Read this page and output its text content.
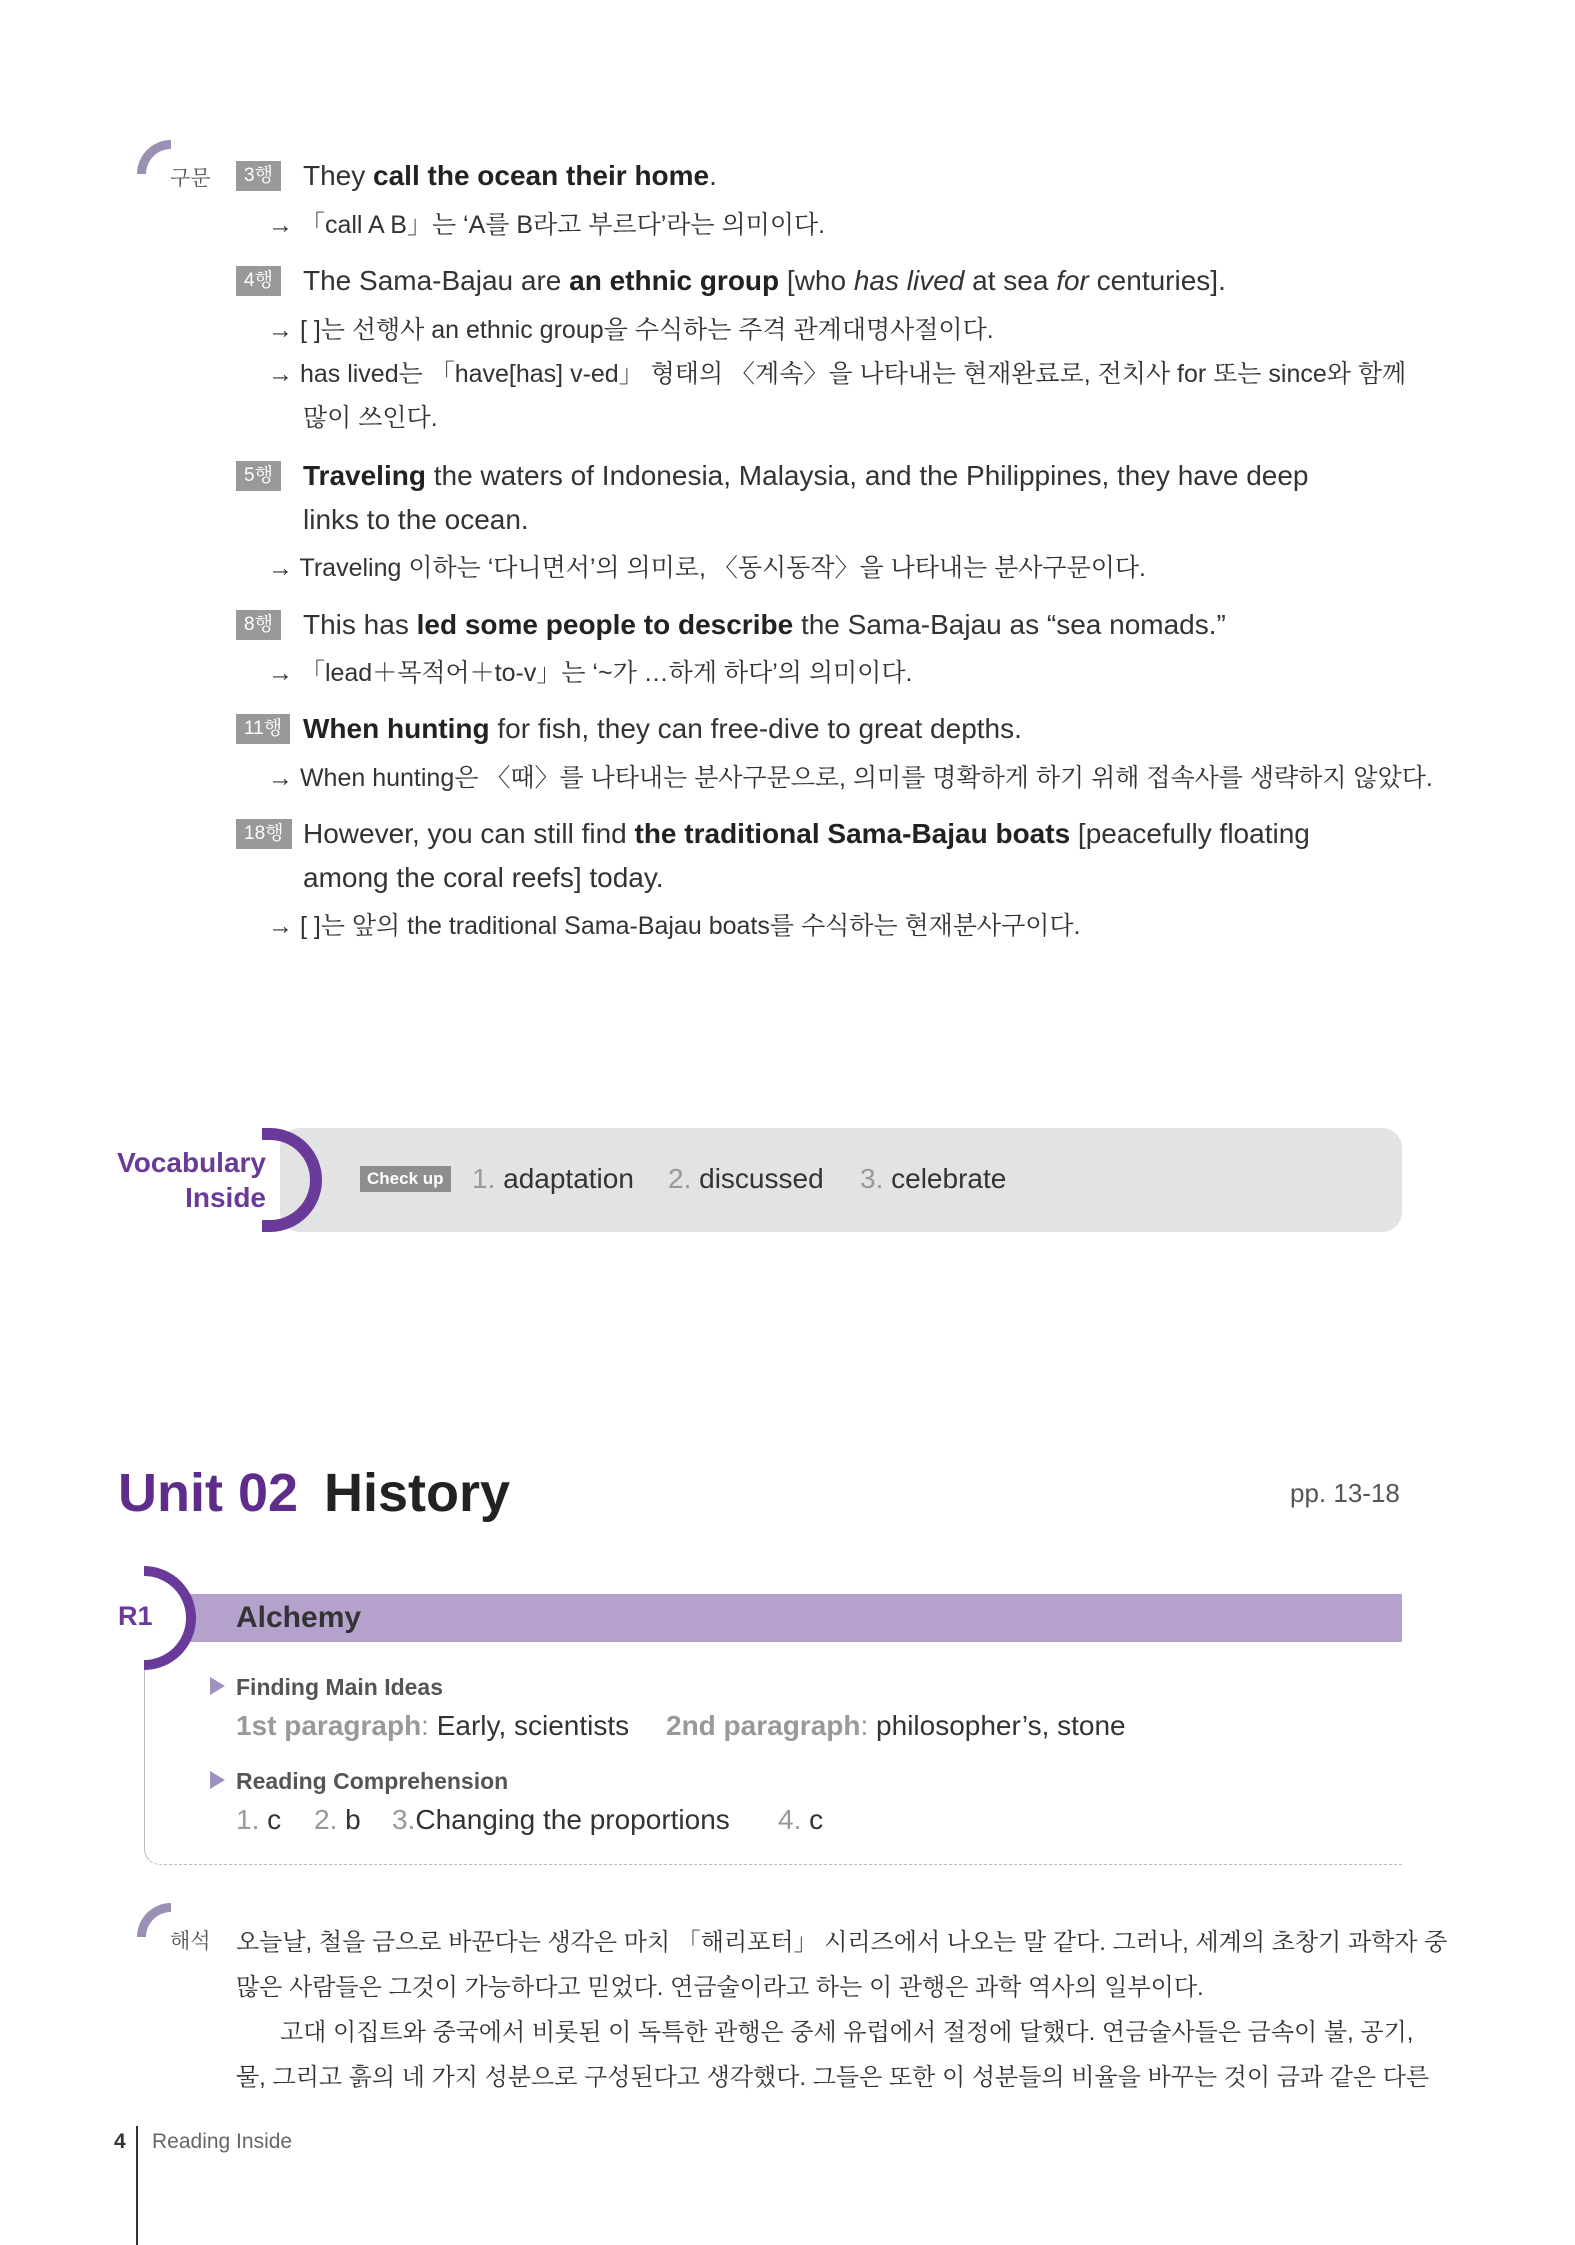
구문	3행 They call the ocean their home.
→ 「call A B」는 ‘A를 B라고 부르다’라는 의미이다.
4행 The Sama-Bajau are an ethnic group [who has lived at sea for centuries].
→ [ ]는 선행사 an ethnic group을 수식하는 주격 관계대명사절이다.
→ has lived는 「have[has] v-ed」 형태의 〈계속〉을 나타내는 현재완료로, 전치사 for 또는 since와 함께
많이 쓰인다.
5행 Traveling the waters of Indonesia, Malaysia, and the Philippines, they have deep
links to the ocean.
→ Traveling 이하는 ‘다니면서’의 의미로, 〈동시동작〉을 나타내는 분사구문이다.
8행 This has led some people to describe the Sama-Bajau as “sea nomads.”
→ 「lead＋목적어＋to-v」는 ‘~가 …하게 하다’의 의미이다.
11행 When hunting for fish, they can free-dive to great depths.
→ When hunting은 〈때〉를 나타내는 분사구문으로, 의미를 명확하게 하기 위해 접속사를 생략하지 않았다.
18행 However, you can still find the traditional Sama-Bajau boats [peacefully floating
among the coral reefs] today.
→ [ ]는 앞의 the traditional Sama-Bajau boats를 수식하는 현재분사구이다.
Vocabulary
Inside
Check up 1. adaptation 2. discussed 3. celebrate
Unit 02 History	pp. 13-18
R1	Alchemy
Finding Main Ideas
1st paragraph: Early, scientists 2nd paragraph: philosopher’s, stone
Reading Comprehension
1. c 2. b 3.Changing the proportions 4. c
해석 오늘날, 철을 금으로 바꾼다는 생각은 마치 「해리포터」 시리즈에서 나오는 말 같다. 그러나, 세계의 초창기 과학자 중
많은 사람들은 그것이 가능하다고 믿었다. 연금술이라고 하는 이 관행은 과학 역사의 일부이다.
고대 이집트와 중국에서 비롯된 이 독특한 관행은 중세 유럽에서 절정에 달했다. 연금술사들은 금속이 불, 공기,
물, 그리고 흙의 네 가지 성분으로 구성된다고 생각했다. 그들은 또한 이 성분들의 비율을 바꾸는 것이 금과 같은 다른
4 Reading Inside
